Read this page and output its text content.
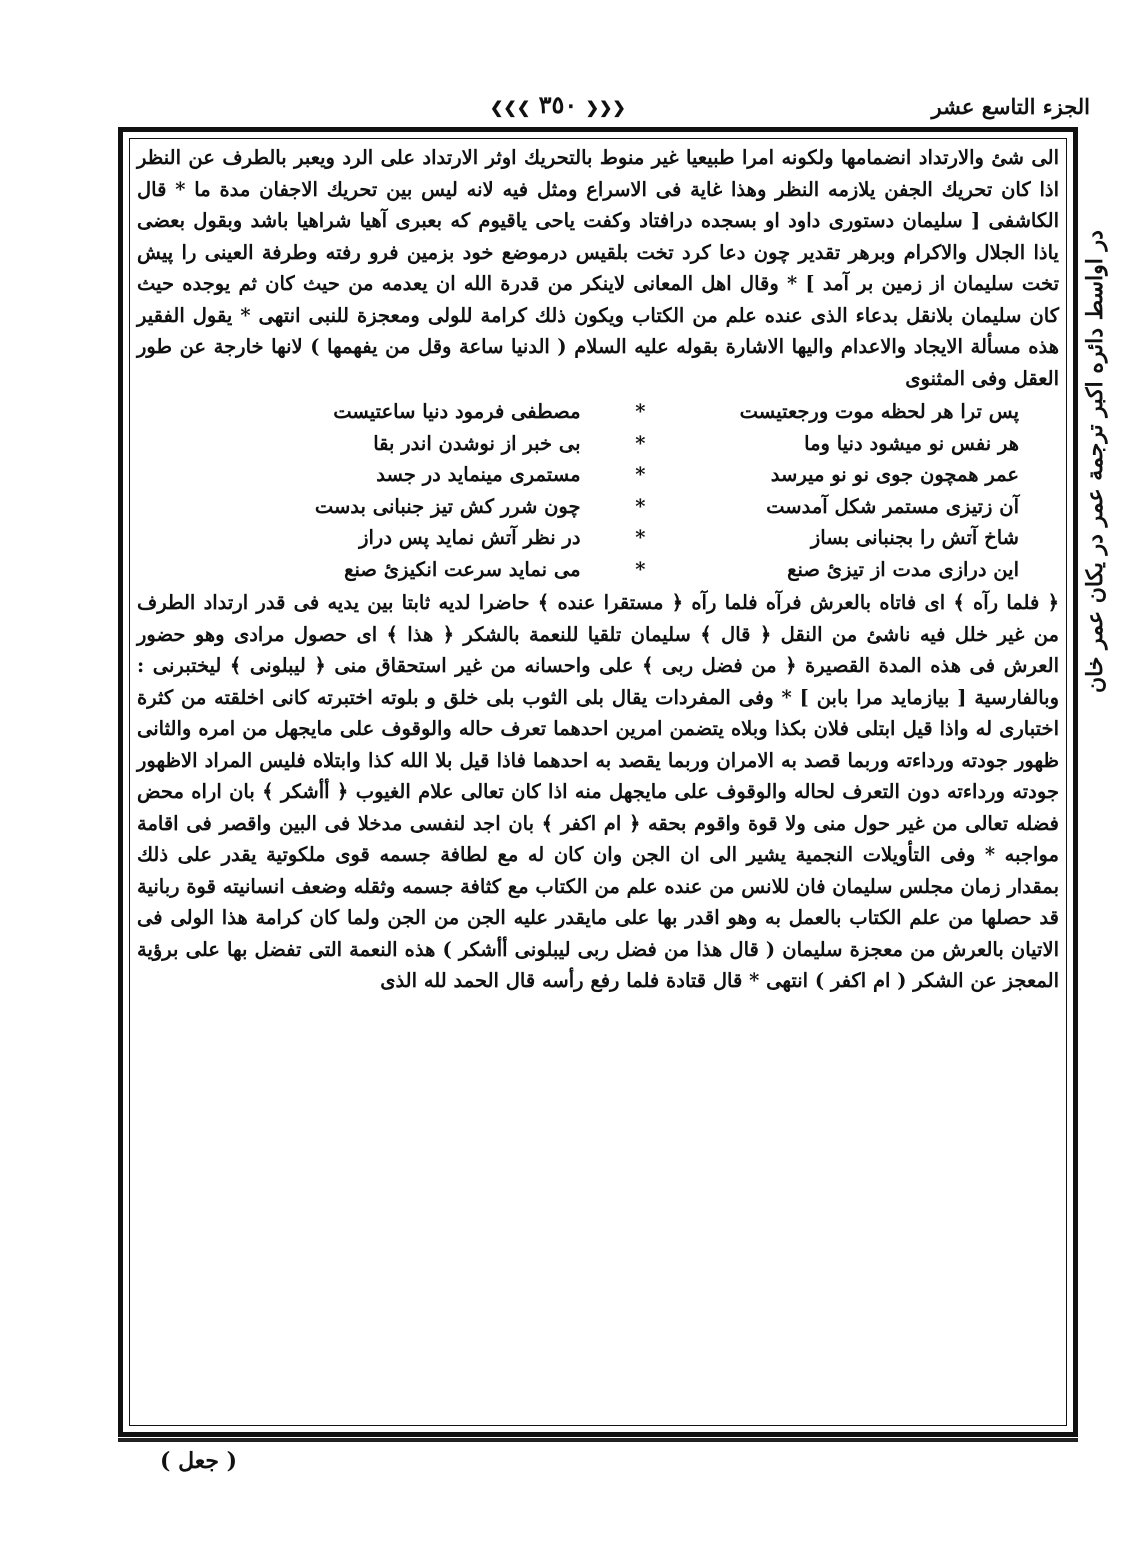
الجزء التاسع عشر
❮❮❮ ٣٥٠ ❯❯❯
در اواسط دائره اكبر ترجمة عمر در يكان عمر خان

الى شئ والارتداد انضمامها ولكونه امرا طبيعيا غير منوط بالتحريك اوثر الارتداد على الرد ويعبر بالطرف عن النظر اذا كان تحريك الجفن يلازمه النظر وهذا غاية فى الاسراع ومثل فيه لانه ليس بين تحريك الاجفان مدة ما * قال الكاشفى [ سليمان دستورى داود او بسجده درافتاد وكفت ياحى ياقيوم كه بعبرى آهيا شراهيا باشد وبقول بعضى ياذا الجلال والاكرام وبرهر تقدير چون دعا كرد تخت بلقيس درموضع خود بزمين فرو رفته وطرفة العينى را پيش تخت سليمان از زمين بر آمد ] * وقال اهل المعانى لاينكر من قدرة الله ان يعدمه من حيث كان ثم يوجده حيث كان سليمان بلانقل بدعاء الذى عنده علم من الكتاب ويكون ذلك كرامة للولى ومعجزة للنبى انتهى * يقول الفقير هذه مسألة الايجاد والاعدام واليها الاشارة بقوله عليه السلام ( الدنيا ساعة وقل من يفهمها ) لانها خارجة عن طور العقل وفى المثنوى

پس ترا هر لحظه موت ورجعتيست
*
مصطفى فرمود دنيا ساعتيست
هر نفس نو ميشود دنيا وما
*
بى خبر از نوشدن اندر بقا
عمر همچون جوى نو نو ميرسد
*
مستمرى مينمايد در جسد
آن زتيزى مستمر شكل آمدست
*
چون شرر كش تيز جنبانى بدست
شاخ آتش را بجنبانى بساز
*
در نظر آتش نمايد پس دراز
اين درازى مدت از تيزئ صنع
*
مى نمايد سرعت انكيزئ صنع

﴿ فلما رآه ﴾ اى فاتاه بالعرش فرآه فلما رآه ﴿ مستقرا عنده ﴾ حاضرا لديه ثابتا بين يديه فى قدر ارتداد الطرف من غير خلل فيه ناشئ من النقل ﴿ قال ﴾ سليمان تلقيا للنعمة بالشكر ﴿ هذا ﴾ اى حصول مرادى وهو حضور العرش فى هذه المدة القصيرة ﴿ من فضل ربى ﴾ على واحسانه من غير استحقاق منى ﴿ ليبلونى ﴾ ليختبرنى : وبالفارسية [ بيازمايد مرا بابن ] * وفى المفردات يقال بلى الثوب بلى خلق و بلوته اختبرته كانى اخلقته من كثرة اختبارى له واذا قيل ابتلى فلان بكذا وبلاه يتضمن امرين احدهما تعرف حاله والوقوف على مايجهل من امره والثانى ظهور جودته ورداءته وربما قصد به الامران وربما يقصد به احدهما فاذا قيل بلا الله كذا وابتلاه فليس المراد الاظهور جودته ورداءته دون التعرف لحاله والوقوف على مايجهل منه اذا كان تعالى علام الغيوب ﴿ أأشكر ﴾ بان اراه محض فضله تعالى من غير حول منى ولا قوة واقوم بحقه ﴿ ام اكفر ﴾ بان اجد لنفسى مدخلا فى البين واقصر فى اقامة مواجبه * وفى التأويلات النجمية يشير الى ان الجن وان كان له مع لطافة جسمه قوى ملكوتية يقدر على ذلك بمقدار زمان مجلس سليمان فان للانس من عنده علم من الكتاب مع كثافة جسمه وثقله وضعف انسانيته قوة ربانية قد حصلها من علم الكتاب بالعمل به وهو اقدر بها على مايقدر عليه الجن من الجن ولما كان كرامة هذا الولى فى الاتيان بالعرش من معجزة سليمان ( قال هذا من فضل ربى ليبلونى أأشكر ) هذه النعمة التى تفضل بها على برؤية المعجز عن الشكر ( ام اكفر ) انتهى * قال قتادة فلما رفع رأسه قال الحمد لله الذى

( جعل )
